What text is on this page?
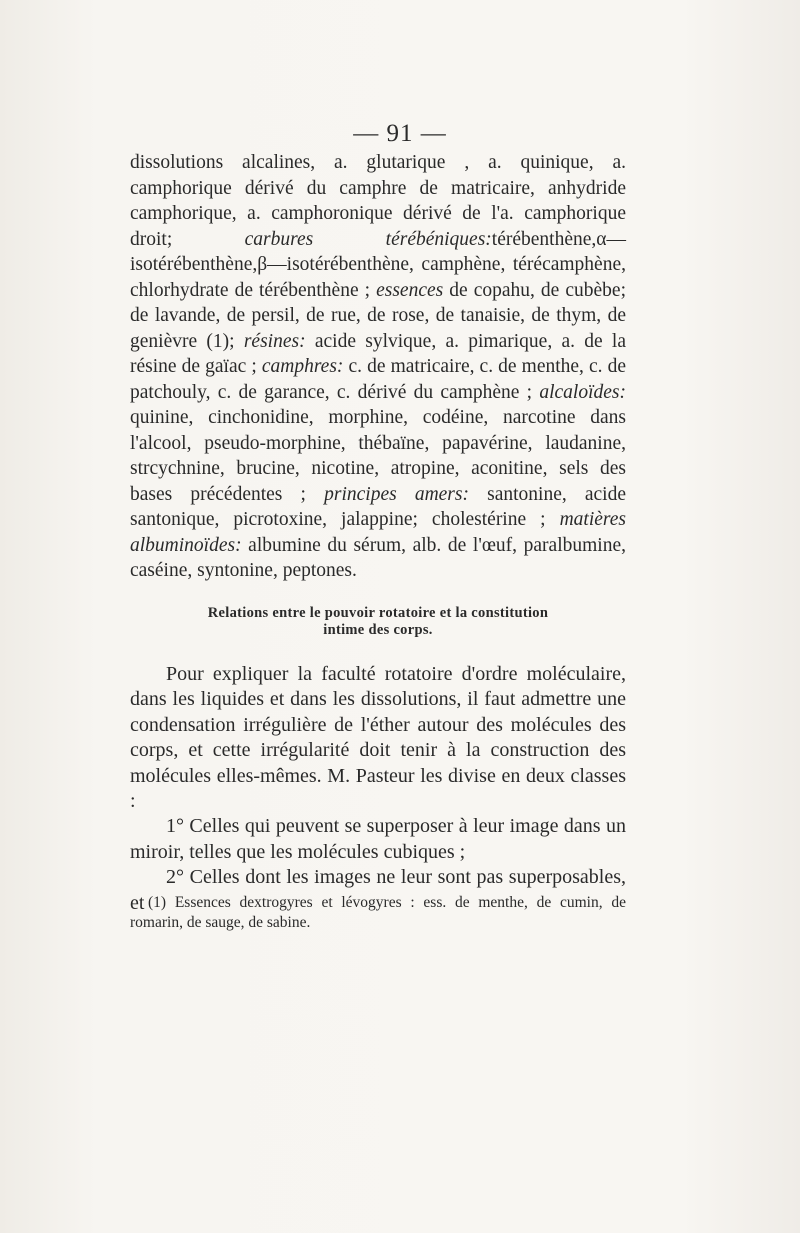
— 91 —

dissolutions alcalines, a. glutarique , a. quinique, a. camphorique dérivé du camphre de matricaire, anhydride camphorique, a. camphoronique dérivé de l'a. camphorique droit; carbures térébéniques:térébenthène,α—isotérébenthène,β—isotérébenthène, camphène, térécamphène, chlorhydrate de térébenthène ; essences de copahu, de cubèbe; de lavande, de persil, de rue, de rose, de tanaisie, de thym, de genièvre (1); résines: acide sylvique, a. pimarique, a. de la résine de gaïac ; camphres: c. de matricaire, c. de menthe, c. de patchouly, c. de garance, c. dérivé du camphène ; alcaloïdes: quinine, cinchonidine, morphine, codéine, narcotine dans l'alcool, pseudo-morphine, thébaïne, papavérine, laudanine, strcychnine, brucine, nicotine, atropine, aconitine, sels des bases précédentes ; principes amers: santonine, acide santonique, picrotoxine, jalappine; cholestérine ; matières albuminoïdes: albumine du sérum, alb. de l'œuf, paralbumine, caséine, syntonine, peptones.

Relations entre le pouvoir rotatoire et la constitution
intime des corps.

Pour expliquer la faculté rotatoire d'ordre moléculaire, dans les liquides et dans les dissolutions, il faut admettre une condensation irrégulière de l'éther autour des molécules des corps, et cette irrégularité doit tenir à la construction des molécules elles-mêmes. M. Pasteur les divise en deux classes :

1° Celles qui peuvent se superposer à leur image dans un miroir, telles que les molécules cubiques ;

2° Celles dont les images ne leur sont pas superposables, et (1) Essences dextrogyres et lévogyres : ess. de menthe, de cumin, de romarin, de sauge, de sabine.
